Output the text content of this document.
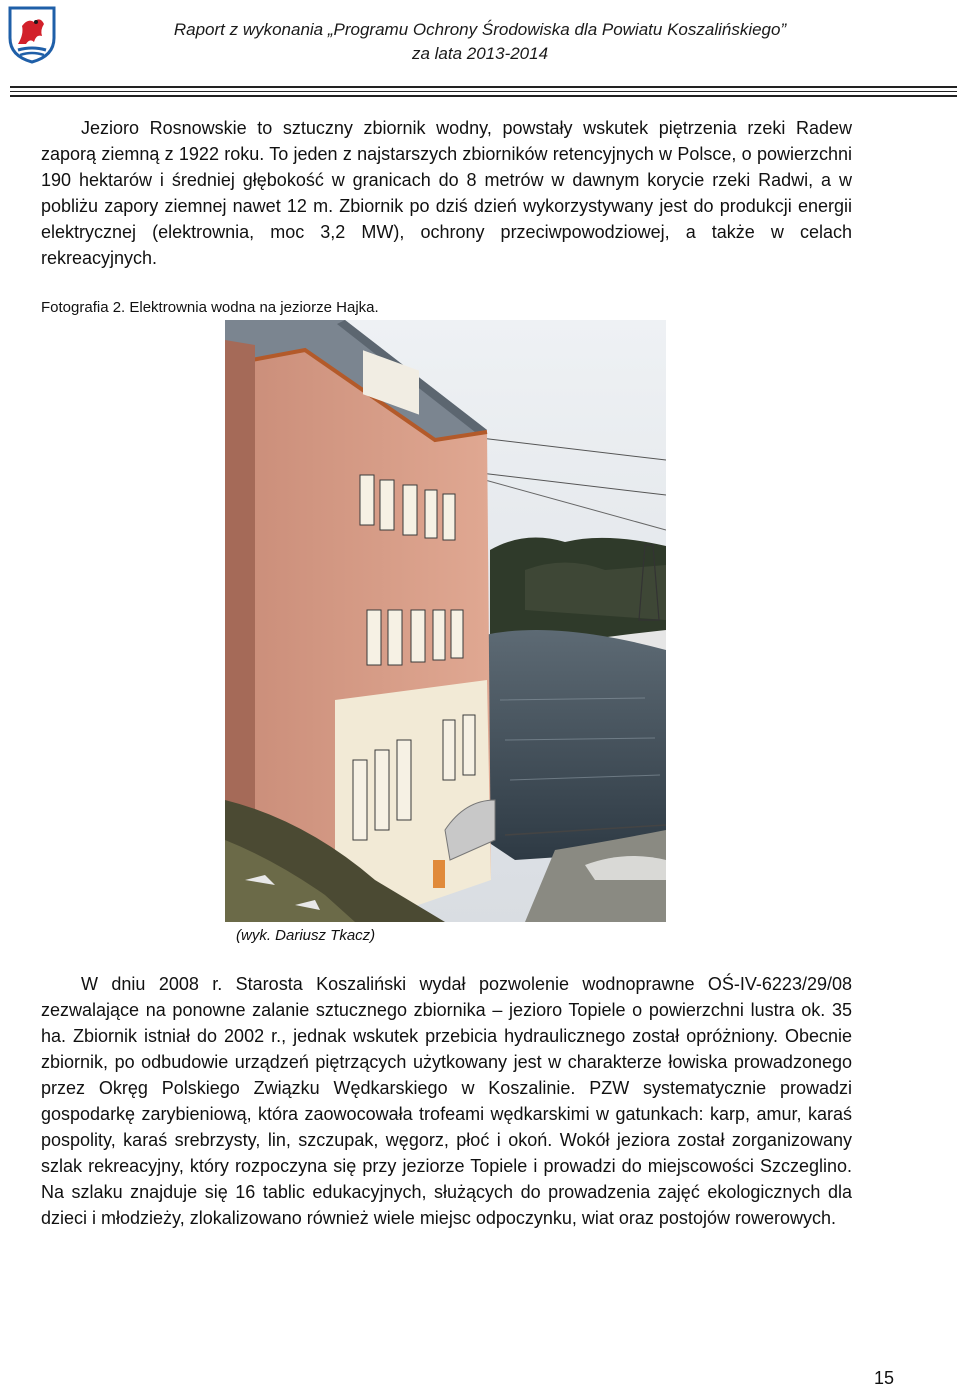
Raport z wykonania „Programu Ochrony Środowiska dla Powiatu Koszalińskiego”
za lata 2013-2014

Jezioro Rosnowskie to sztuczny zbiornik wodny, powstały wskutek piętrzenia rzeki Radew zaporą ziemną z 1922 roku. To jeden z najstarszych zbiorników retencyjnych w Polsce, o powierzchni 190 hektarów i średniej głębokość w granicach do 8 metrów w dawnym korycie rzeki Radwi, a w pobliżu zapory ziemnej nawet 12 m. Zbiornik po dziś dzień wykorzystywany jest do produkcji energii elektrycznej (elektrownia, moc 3,2 MW), ochrony przeciwpowodziowej, a także w celach rekreacyjnych.

Fotografia 2. Elektrownia wodna na jeziorze Hajka.
(wyk. Dariusz Tkacz)

W dniu 2008 r. Starosta Koszaliński wydał pozwolenie wodnoprawne OŚ-IV-6223/29/08 zezwalające na ponowne zalanie sztucznego zbiornika – jezioro Topiele o powierzchni lustra ok. 35 ha. Zbiornik istniał do 2002 r., jednak wskutek przebicia hydraulicznego został opróżniony. Obecnie zbiornik, po odbudowie urządzeń piętrzących użytkowany jest w charakterze łowiska prowadzonego przez Okręg Polskiego Związku Wędkarskiego w Koszalinie. PZW systematycznie prowadzi gospodarkę zarybieniową, która zaowocowała trofeami wędkarskimi w gatunkach: karp, amur, karaś pospolity, karaś srebrzysty, lin, szczupak, węgorz, płoć i okoń. Wokół jeziora został zorganizowany szlak rekreacyjny, który rozpoczyna się przy jeziorze Topiele i prowadzi do miejscowości Szczeglino. Na szlaku znajduje się 16 tablic edukacyjnych, służących do prowadzenia zajęć ekologicznych dla dzieci i młodzieży, zlokalizowano również wiele miejsc odpoczynku, wiat oraz postojów rowerowych.

15
